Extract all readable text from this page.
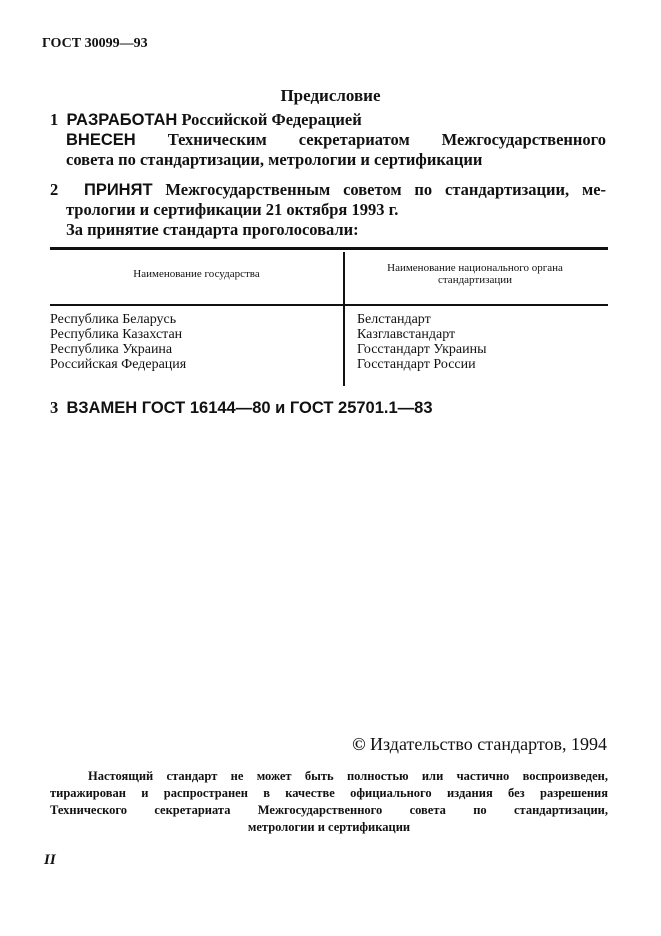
ГОСТ 30099—93
Предисловие
1 РАЗРАБОТАН Российской Федерацией
ВНЕСЕН Техническим секретариатом Межгосударственного
совета по стандартизации, метрологии и сертификации
2 ПРИНЯТ Межгосударственным советом по стандартизации, ме-
трологии и сертификации 21 октября 1993 г.
За принятие стандарта проголосовали:
Наименование государства	Наименование национального органа стандартизации
Республика Беларусь
Республика Казахстан
Республика Украина
Российская Федерация
Белстандарт
Казглавстандарт
Госстандарт Украины
Госстандарт России
3 ВЗАМЕН ГОСТ 16144—80 и ГОСТ 25701.1—83
© Издательство стандартов, 1994
Настоящий стандарт не может быть полностью или частично воспроизведен,
тиражирован и распространен в качестве официального издания без разрешения
Технического секретариата Межгосударственного совета по стандартизации,
метрологии и сертификации
II
